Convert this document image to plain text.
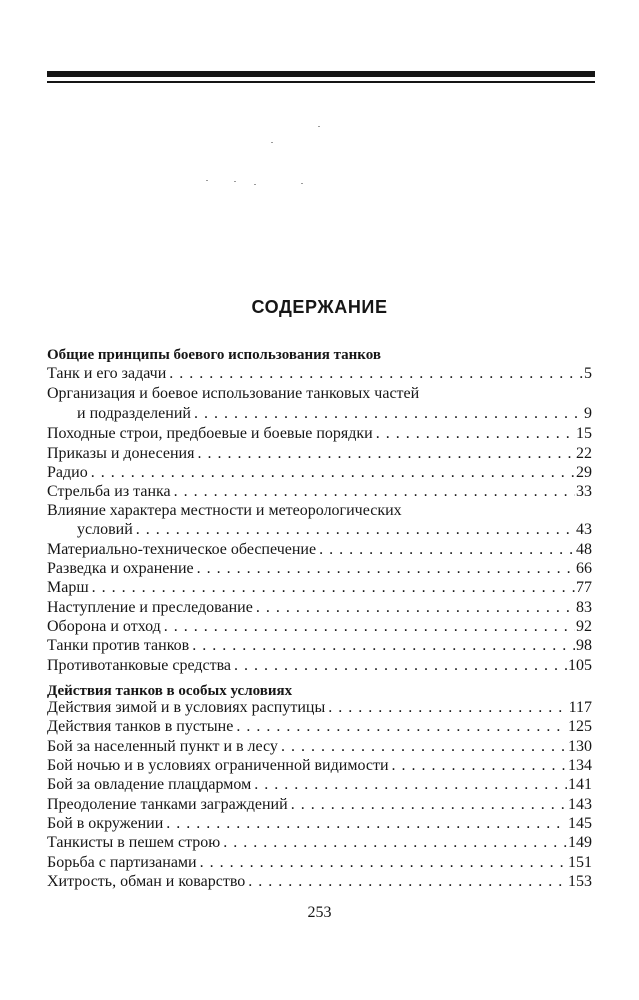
СОДЕРЖАНИЕ
Общие принципы боевого использования танков
Танк и его задачи . . .	5
Организация и боевое использование танковых частей
и подразделений . . .	9
Походные строи, предбоевые и боевые порядки . . .	15
Приказы и донесения . . .	22
Радио . . .	29
Стрельба из танка . . .	33
Влияние характера местности и метеорологических
условий . . .	43
Материально-техническое обеспечение . . .	48
Разведка и охранение . . .	66
Марш . . .	77
Наступление и преследование . . .	83
Оборона и отход . . .	92
Танки против танков . . .	98
Противотанковые средства . . .	105
Действия танков в особых условиях
Действия зимой и в условиях распутицы . . .	117
Действия танков в пустыне . . .	125
Бой за населенный пункт и в лесу . . .	130
Бой ночью и в условиях ограниченной видимости . . .	134
Бой за овладение плацдармом . . .	141
Преодоление танками заграждений . . .	143
Бой в окружении . . .	145
Танкисты в пешем строю . . .	149
Борьба с партизанами . . .	151
Хитрость, обман и коварство . . .	153
253
